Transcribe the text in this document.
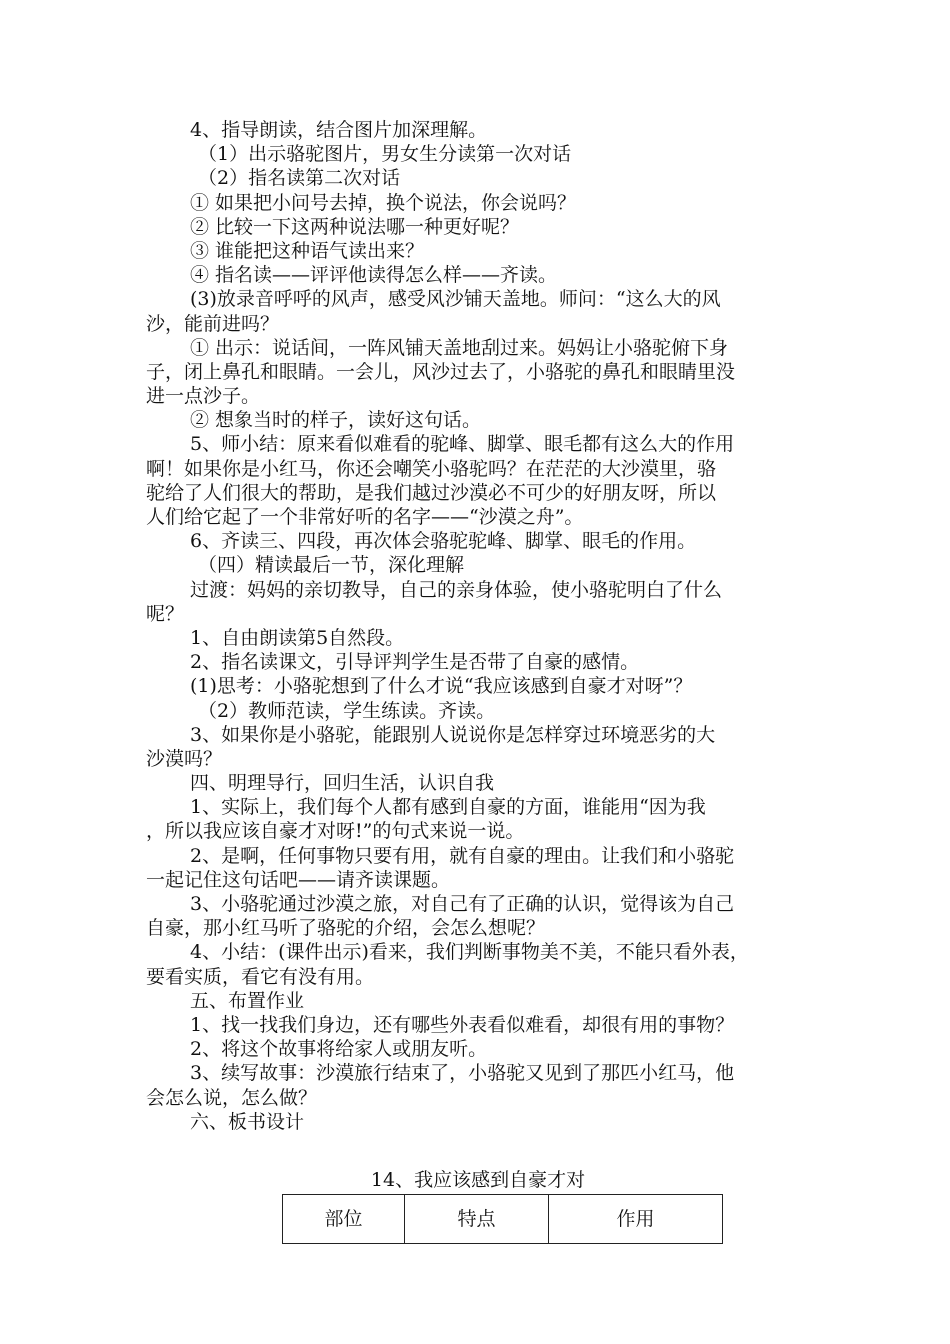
4、指导朗读，结合图片加深理解。
（1）出示骆驼图片，男女生分读第一次对话
（2）指名读第二次对话
① 如果把小问号去掉，换个说法，你会说吗？
② 比较一下这两种说法哪一种更好呢？
③ 谁能把这种语气读出来？
④ 指名读——评评他读得怎么样——齐读。
(3)放录音呼呼的风声，感受风沙铺天盖地。师问：“这么大的风
沙，能前进吗？
① 出示：说话间，一阵风铺天盖地刮过来。妈妈让小骆驼俯下身
子，闭上鼻孔和眼睛。一会儿，风沙过去了，小骆驼的鼻孔和眼睛里没
进一点沙子。
② 想象当时的样子，读好这句话。
5、师小结：原来看似难看的驼峰、脚掌、眼毛都有这么大的作用
啊！如果你是小红马，你还会嘲笑小骆驼吗？在茫茫的大沙漠里，骆
驼给了人们很大的帮助，是我们越过沙漠必不可少的好朋友呀，所以
人们给它起了一个非常好听的名字——“沙漠之舟”。
6、齐读三、四段，再次体会骆驼驼峰、脚掌、眼毛的作用。
（四）精读最后一节，深化理解
过渡：妈妈的亲切教导，自己的亲身体验，使小骆驼明白了什么
呢？
1、自由朗读第5自然段。
2、指名读课文，引导评判学生是否带了自豪的感情。
(1)思考：小骆驼想到了什么才说“我应该感到自豪才对呀”？
（2）教师范读，学生练读。齐读。
3、如果你是小骆驼，能跟别人说说你是怎样穿过环境恶劣的大
沙漠吗？
四、明理导行，回归生活，认识自我
1、实际上，我们每个人都有感到自豪的方面，谁能用“因为我
，所以我应该自豪才对呀!”的句式来说一说。
2、是啊，任何事物只要有用，就有自豪的理由。让我们和小骆驼
一起记住这句话吧——请齐读课题。
3、小骆驼通过沙漠之旅，对自己有了正确的认识，觉得该为自己
自豪，那小红马听了骆驼的介绍，会怎么想呢？
4、小结：(课件出示)看来，我们判断事物美不美，不能只看外表，
要看实质，看它有没有用。
五、布置作业
1、找一找我们身边，还有哪些外表看似难看，却很有用的事物？
2、将这个故事将给家人或朋友听。
3、续写故事：沙漠旅行结束了，小骆驼又见到了那匹小红马，他
会怎么说，怎么做？
六、板书设计
14、我应该感到自豪才对
部位	特点	作用
